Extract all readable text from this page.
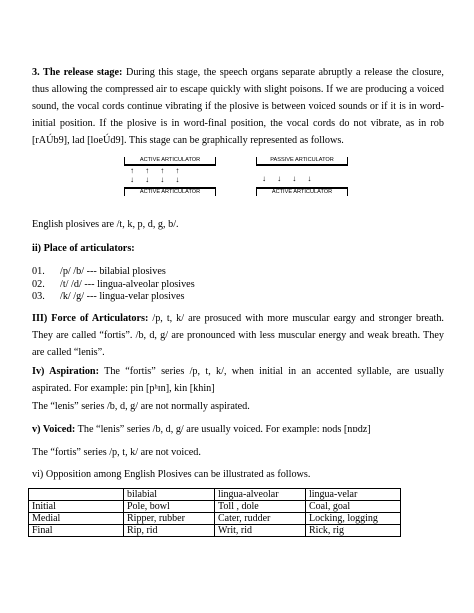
3. The release stage: During this stage, the speech organs separate abruptly a release the closure, thus allowing the compressed air to escape quickly with slight poisons. If we are producing a voiced sound, the vocal cords continue vibrating if the plosive is between voiced sounds or if it is in word-initial position. If the plosive is in word-final position, the vocal cords do not vibrate, as in rob [rAÚb9], lad [loeÚd9]. This stage can be graphically represented as follows.

ACTIVE ARTICULATOR
↑     ↑     ↑     ↑
↓     ↓     ↓     ↓
ACTIVE ARTICULATOR
PASSIVE ARTICULATOR
↓     ↓     ↓     ↓
ACTIVE ARTICULATOR

English plosives are /t, k, p, d, g, b/.

ii) Place of articulators:

01.	/p/ /b/ --- bilabial plosives
02.	/t/ /d/ --- lingua-alveolar plosives
03.	/k/ /g/ --- lingua-velar plosives

III) Force of Articulators: /p, t, k/ are prosuced with more muscular eargy and stronger breath. They are called “fortis”. /b, d, g/ are pronounced with less muscular energy and weak breath. They are called “lenis”.

Iv) Aspiration: The “fortis” series /p, t, k/, when initial in an accented syllable, are usually aspirated. For example: pin [pʰɪn], kin [khin]

The “lenis” series /b, d, g/ are not normally aspirated.

v) Voiced: The “lenis” series /b, d, g/ are usually voiced. For example: nods [nɒdz]

The “fortis” series /p, t, k/ are not voiced.

vi) Opposition among English Plosives can be illustrated as follows.

	bilabial	lingua-alveolar	lingua-velar
Initial	Pole, bowl	Toll , dole	Coal, goal
Medial	Ripper, rubber	Cater, rudder	Locking, logging
Final	Rip, rid	Writ, rid	Rick, rig
